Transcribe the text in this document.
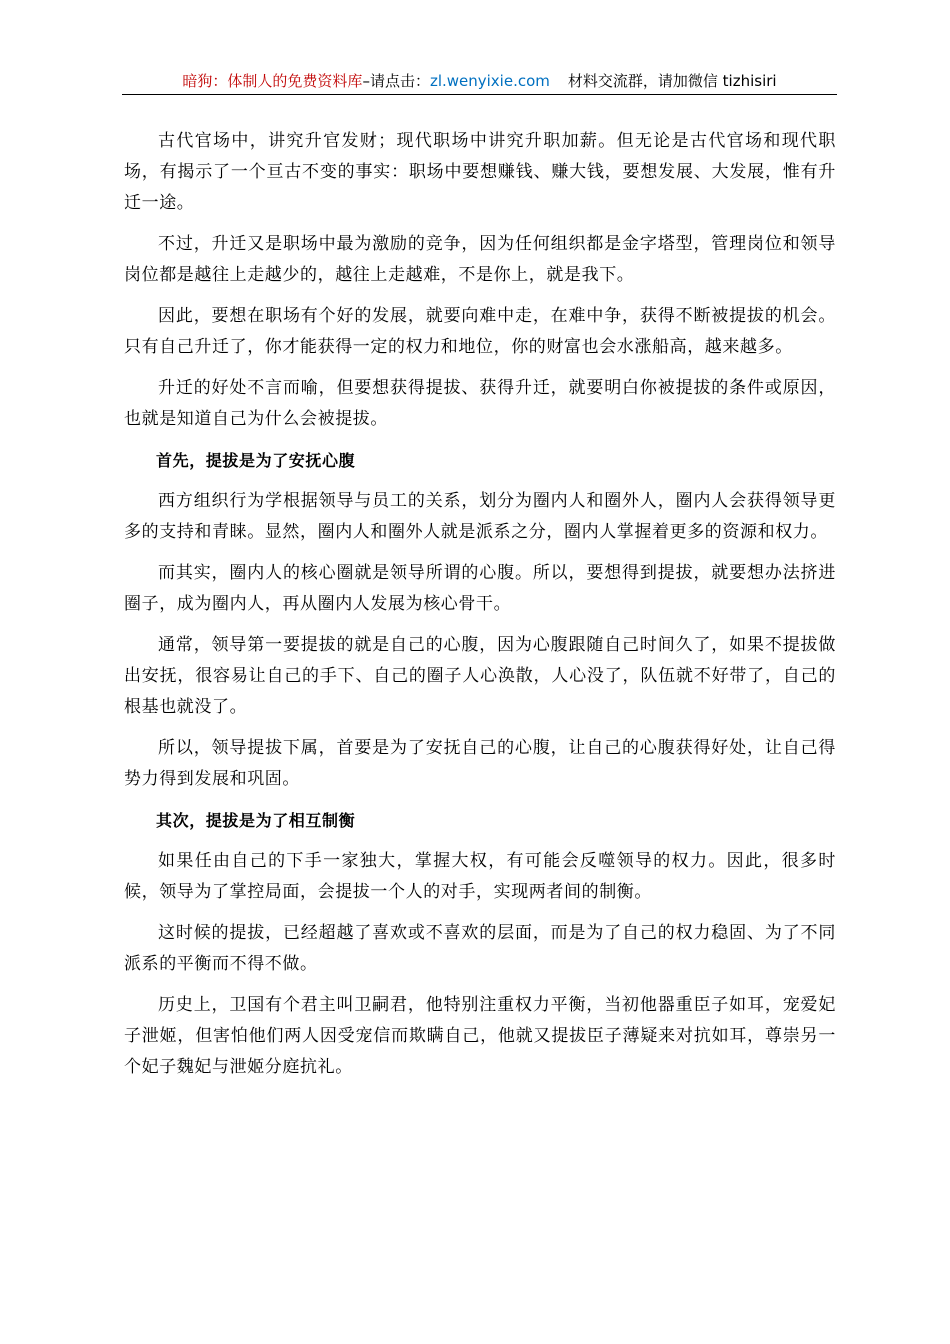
暗狗：体制人的免费资料库–请点击：zl.wenyixie.com 材料交流群，请加微信 tizhisiri

古代官场中，讲究升官发财；现代职场中讲究升职加薪。但无论是古代官场和现代职场，有揭示了一个亘古不变的事实：职场中要想赚钱、赚大钱，要想发展、大发展，惟有升迁一途。

不过，升迁又是职场中最为激励的竞争，因为任何组织都是金字塔型，管理岗位和领导岗位都是越往上走越少的，越往上走越难，不是你上，就是我下。

因此，要想在职场有个好的发展，就要向难中走，在难中争，获得不断被提拔的机会。只有自己升迁了，你才能获得一定的权力和地位，你的财富也会水涨船高，越来越多。

升迁的好处不言而喻，但要想获得提拔、获得升迁，就要明白你被提拔的条件或原因，也就是知道自己为什么会被提拔。

首先，提拔是为了安抚心腹

西方组织行为学根据领导与员工的关系，划分为圈内人和圈外人，圈内人会获得领导更多的支持和青睐。显然，圈内人和圈外人就是派系之分，圈内人掌握着更多的资源和权力。

而其实，圈内人的核心圈就是领导所谓的心腹。所以，要想得到提拔，就要想办法挤进圈子，成为圈内人，再从圈内人发展为核心骨干。

通常，领导第一要提拔的就是自己的心腹，因为心腹跟随自己时间久了，如果不提拔做出安抚，很容易让自己的手下、自己的圈子人心涣散，人心没了，队伍就不好带了，自己的根基也就没了。

所以，领导提拔下属，首要是为了安抚自己的心腹，让自己的心腹获得好处，让自己得势力得到发展和巩固。

其次，提拔是为了相互制衡

如果任由自己的下手一家独大，掌握大权，有可能会反噬领导的权力。因此，很多时候，领导为了掌控局面，会提拔一个人的对手，实现两者间的制衡。

这时候的提拔，已经超越了喜欢或不喜欢的层面，而是为了自己的权力稳固、为了不同派系的平衡而不得不做。

历史上，卫国有个君主叫卫嗣君，他特别注重权力平衡，当初他器重臣子如耳，宠爱妃子泄姬，但害怕他们两人因受宠信而欺瞒自己，他就又提拔臣子薄疑来对抗如耳，尊崇另一个妃子魏妃与泄姬分庭抗礼。
